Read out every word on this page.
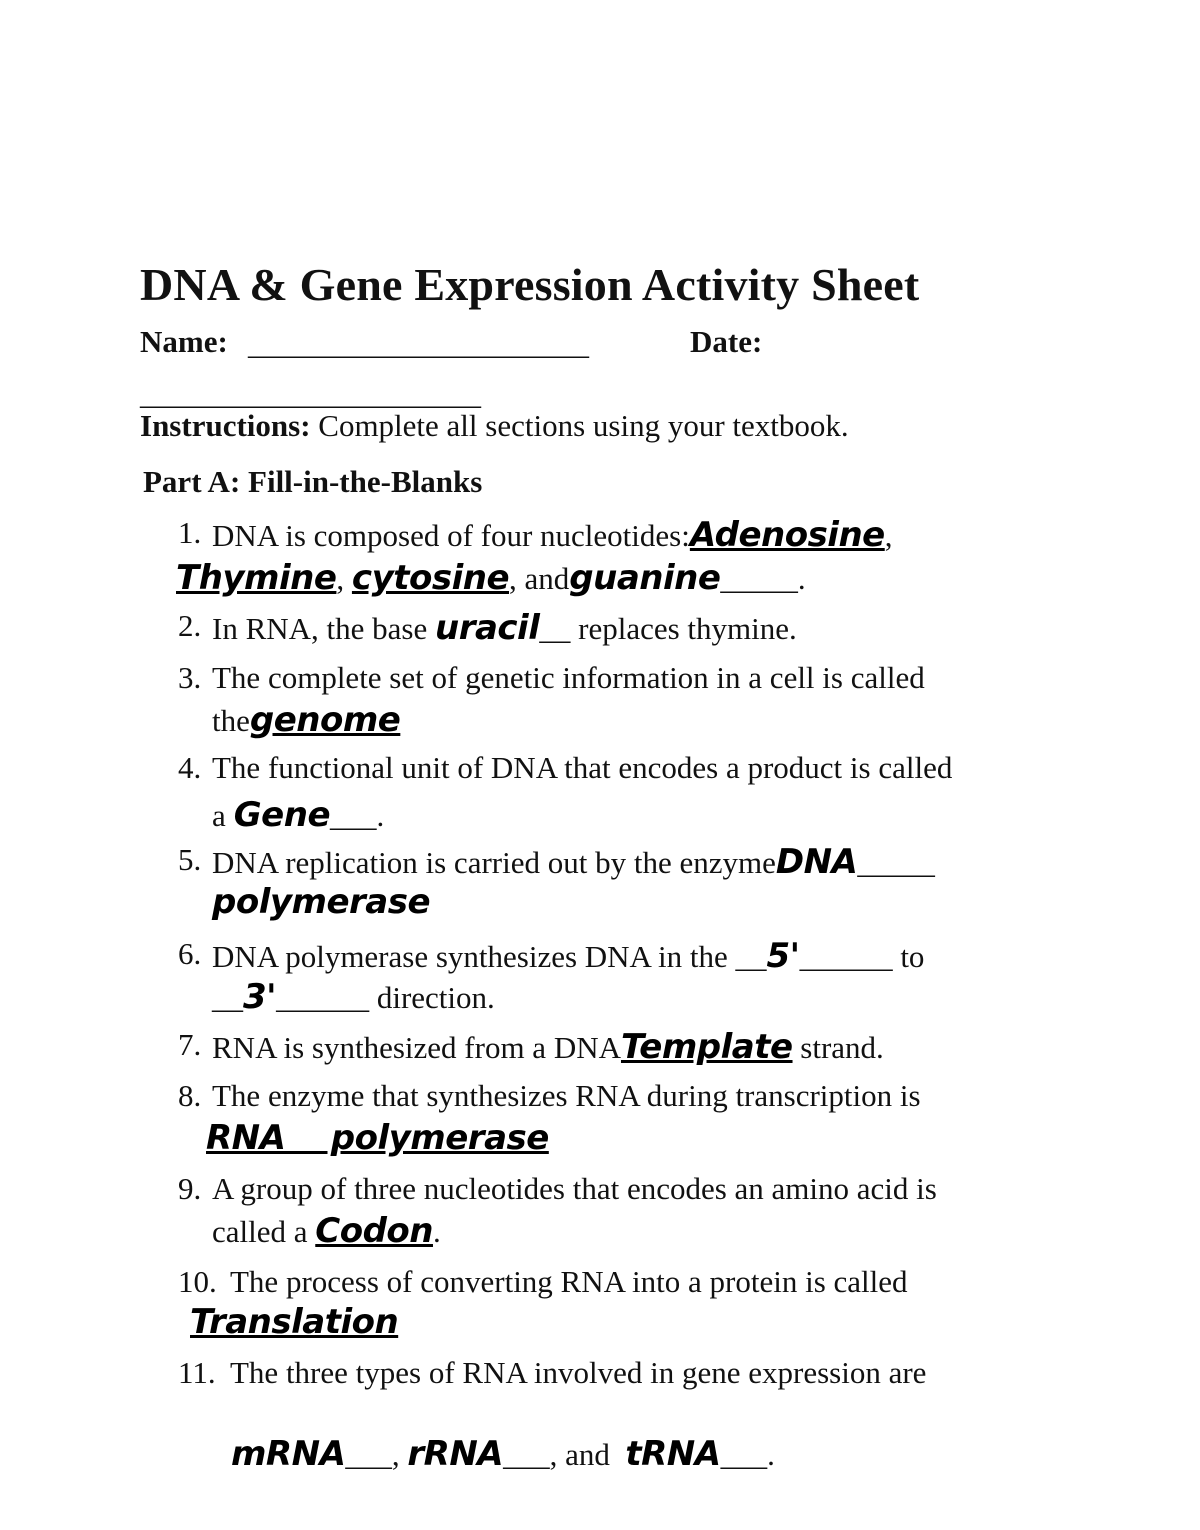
DNA & Gene Expression Activity Sheet
Name: ______________________	Date:
______________________
Instructions: Complete all sections using your textbook.
Part A: Fill-in-the-Blanks
1. DNA is composed of four nucleotides:Adenosine,
Thymine, cytosine, andguanine_____.
2. In RNA, the base uracil__ replaces thymine.
3. The complete set of genetic information in a cell is called
thegenome
4. The functional unit of DNA that encodes a product is called
a Gene___.
5. DNA replication is carried out by the enzymeDNA_____
polymerase
6. DNA polymerase synthesizes DNA in the __5'______ to
__3'______ direction.
7. RNA is synthesized from a DNATemplate strand.
8. The enzyme that synthesizes RNA during transcription is
RNA    polymerase
9. A group of three nucleotides that encodes an amino acid is
called a Codon.
10. The process of converting RNA into a protein is called
Translation
11. The three types of RNA involved in gene expression are

mRNA___, rRNA___, and  tRNA___.
